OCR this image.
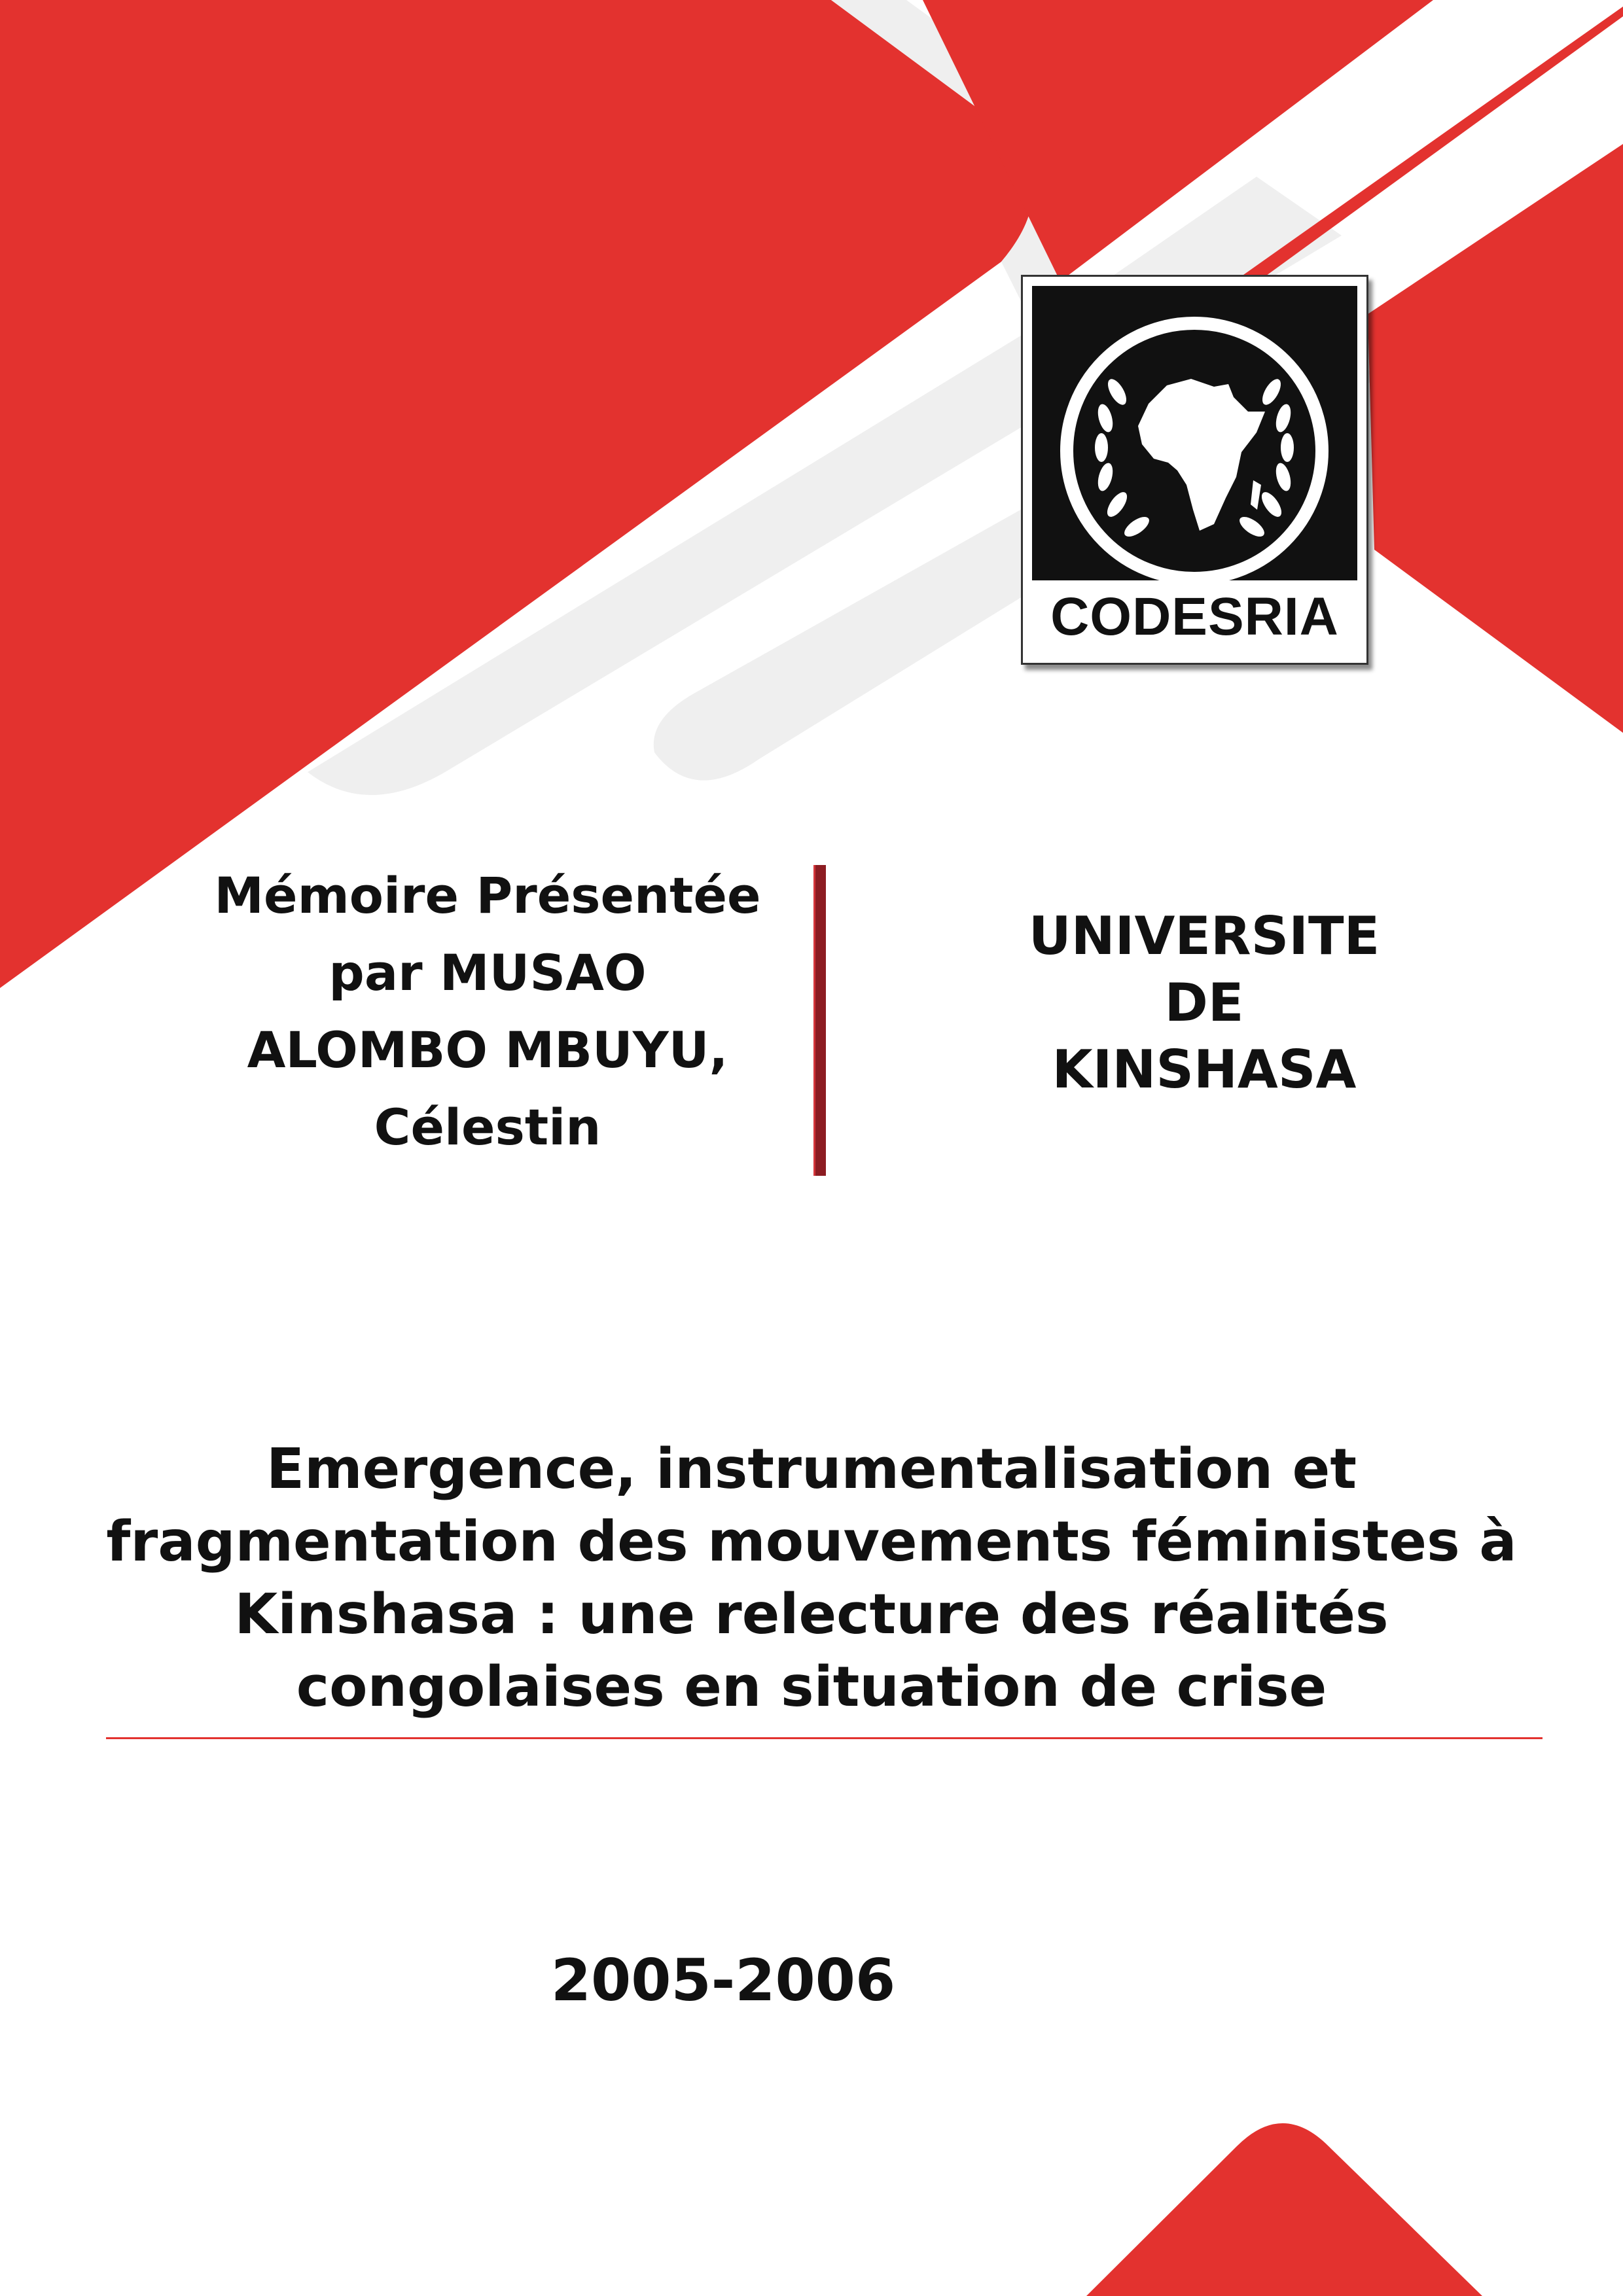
CODESRIA
Mémoire Présentée
par MUSAO
ALOMBO MBUYU,
Célestin
UNIVERSITE
DE
KINSHASA
Emergence, instrumentalisation et fragmentation des mouvements féministes à Kinshasa : une relecture des réalités congolaises en situation de crise
2005-2006
